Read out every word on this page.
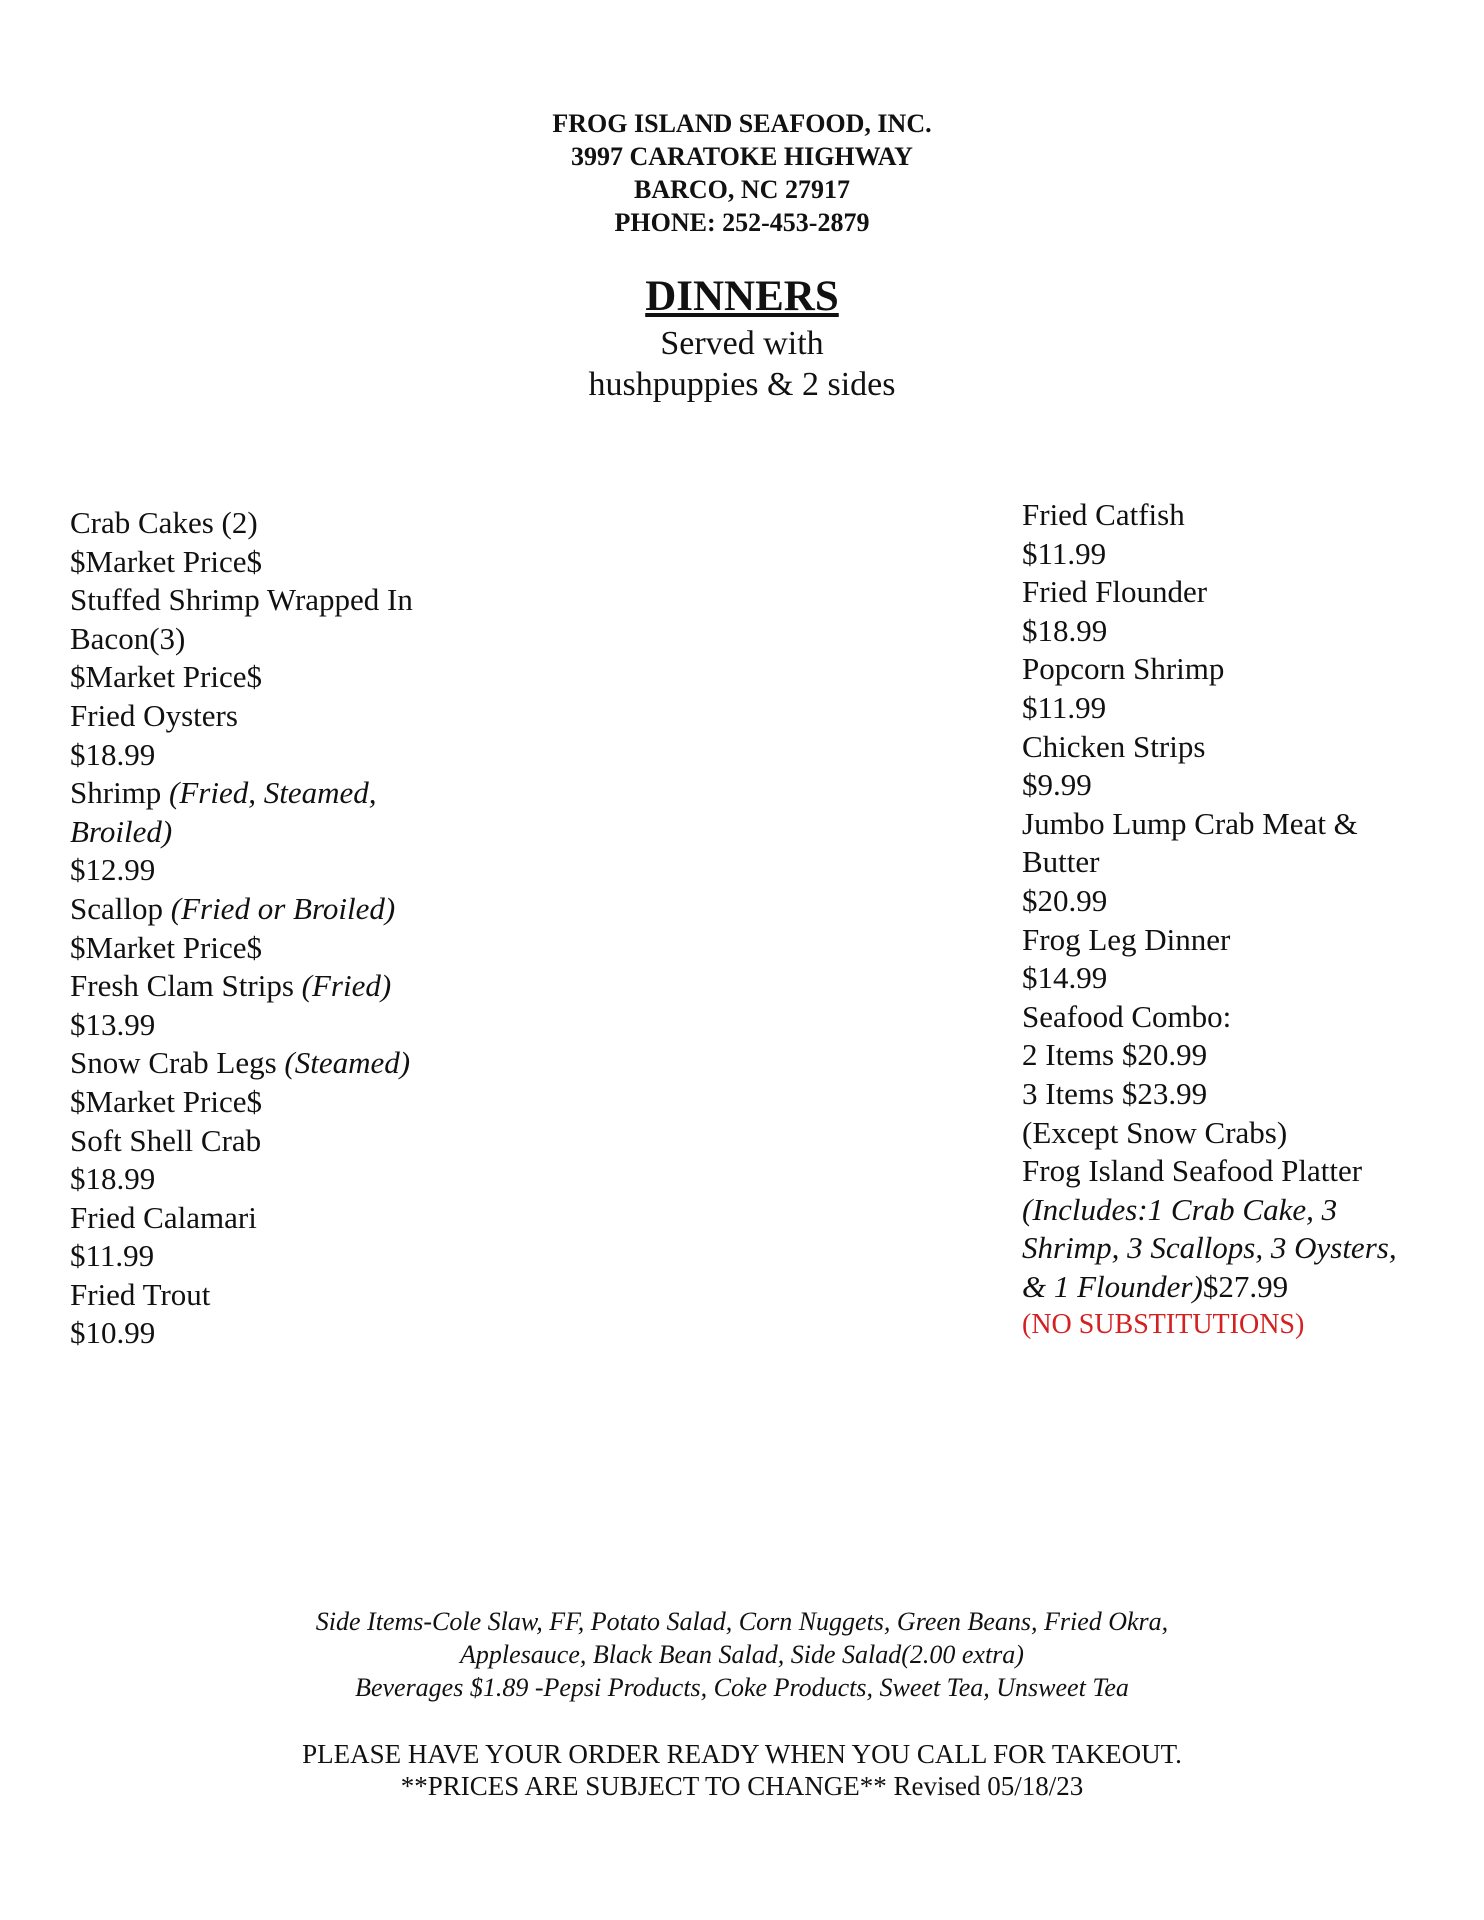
FROG ISLAND SEAFOOD, INC.
3997 CARATOKE HIGHWAY
BARCO, NC 27917
PHONE: 252-453-2879
DINNERS
Served with
hushpuppies & 2 sides
Crab Cakes (2)
$Market Price$
Stuffed Shrimp Wrapped In
Bacon(3)
$Market Price$
Fried Oysters
$18.99
Shrimp (Fried, Steamed,
Broiled)
$12.99
Scallop (Fried or Broiled)
$Market Price$
Fresh Clam Strips (Fried)
$13.99
Snow Crab Legs (Steamed)
$Market Price$
Soft Shell Crab
$18.99
Fried Calamari
$11.99
Fried Trout
$10.99
Fried Catfish
$11.99
Fried Flounder
$18.99
Popcorn Shrimp
$11.99
Chicken Strips
$9.99
Jumbo Lump Crab Meat &
Butter
$20.99
Frog Leg Dinner
$14.99
Seafood Combo:
2 Items $20.99
3 Items $23.99
(Except Snow Crabs)
Frog Island Seafood Platter
(Includes:1 Crab Cake, 3
Shrimp, 3 Scallops, 3 Oysters,
& 1 Flounder)$27.99
(NO SUBSTITUTIONS)
Side Items-Cole Slaw, FF, Potato Salad, Corn Nuggets, Green Beans, Fried Okra,
Applesauce, Black Bean Salad, Side Salad(2.00 extra)
Beverages $1.89 -Pepsi Products, Coke Products, Sweet Tea, Unsweet Tea
PLEASE HAVE YOUR ORDER READY WHEN YOU CALL FOR TAKEOUT.
**PRICES ARE SUBJECT TO CHANGE** Revised 05/18/23
